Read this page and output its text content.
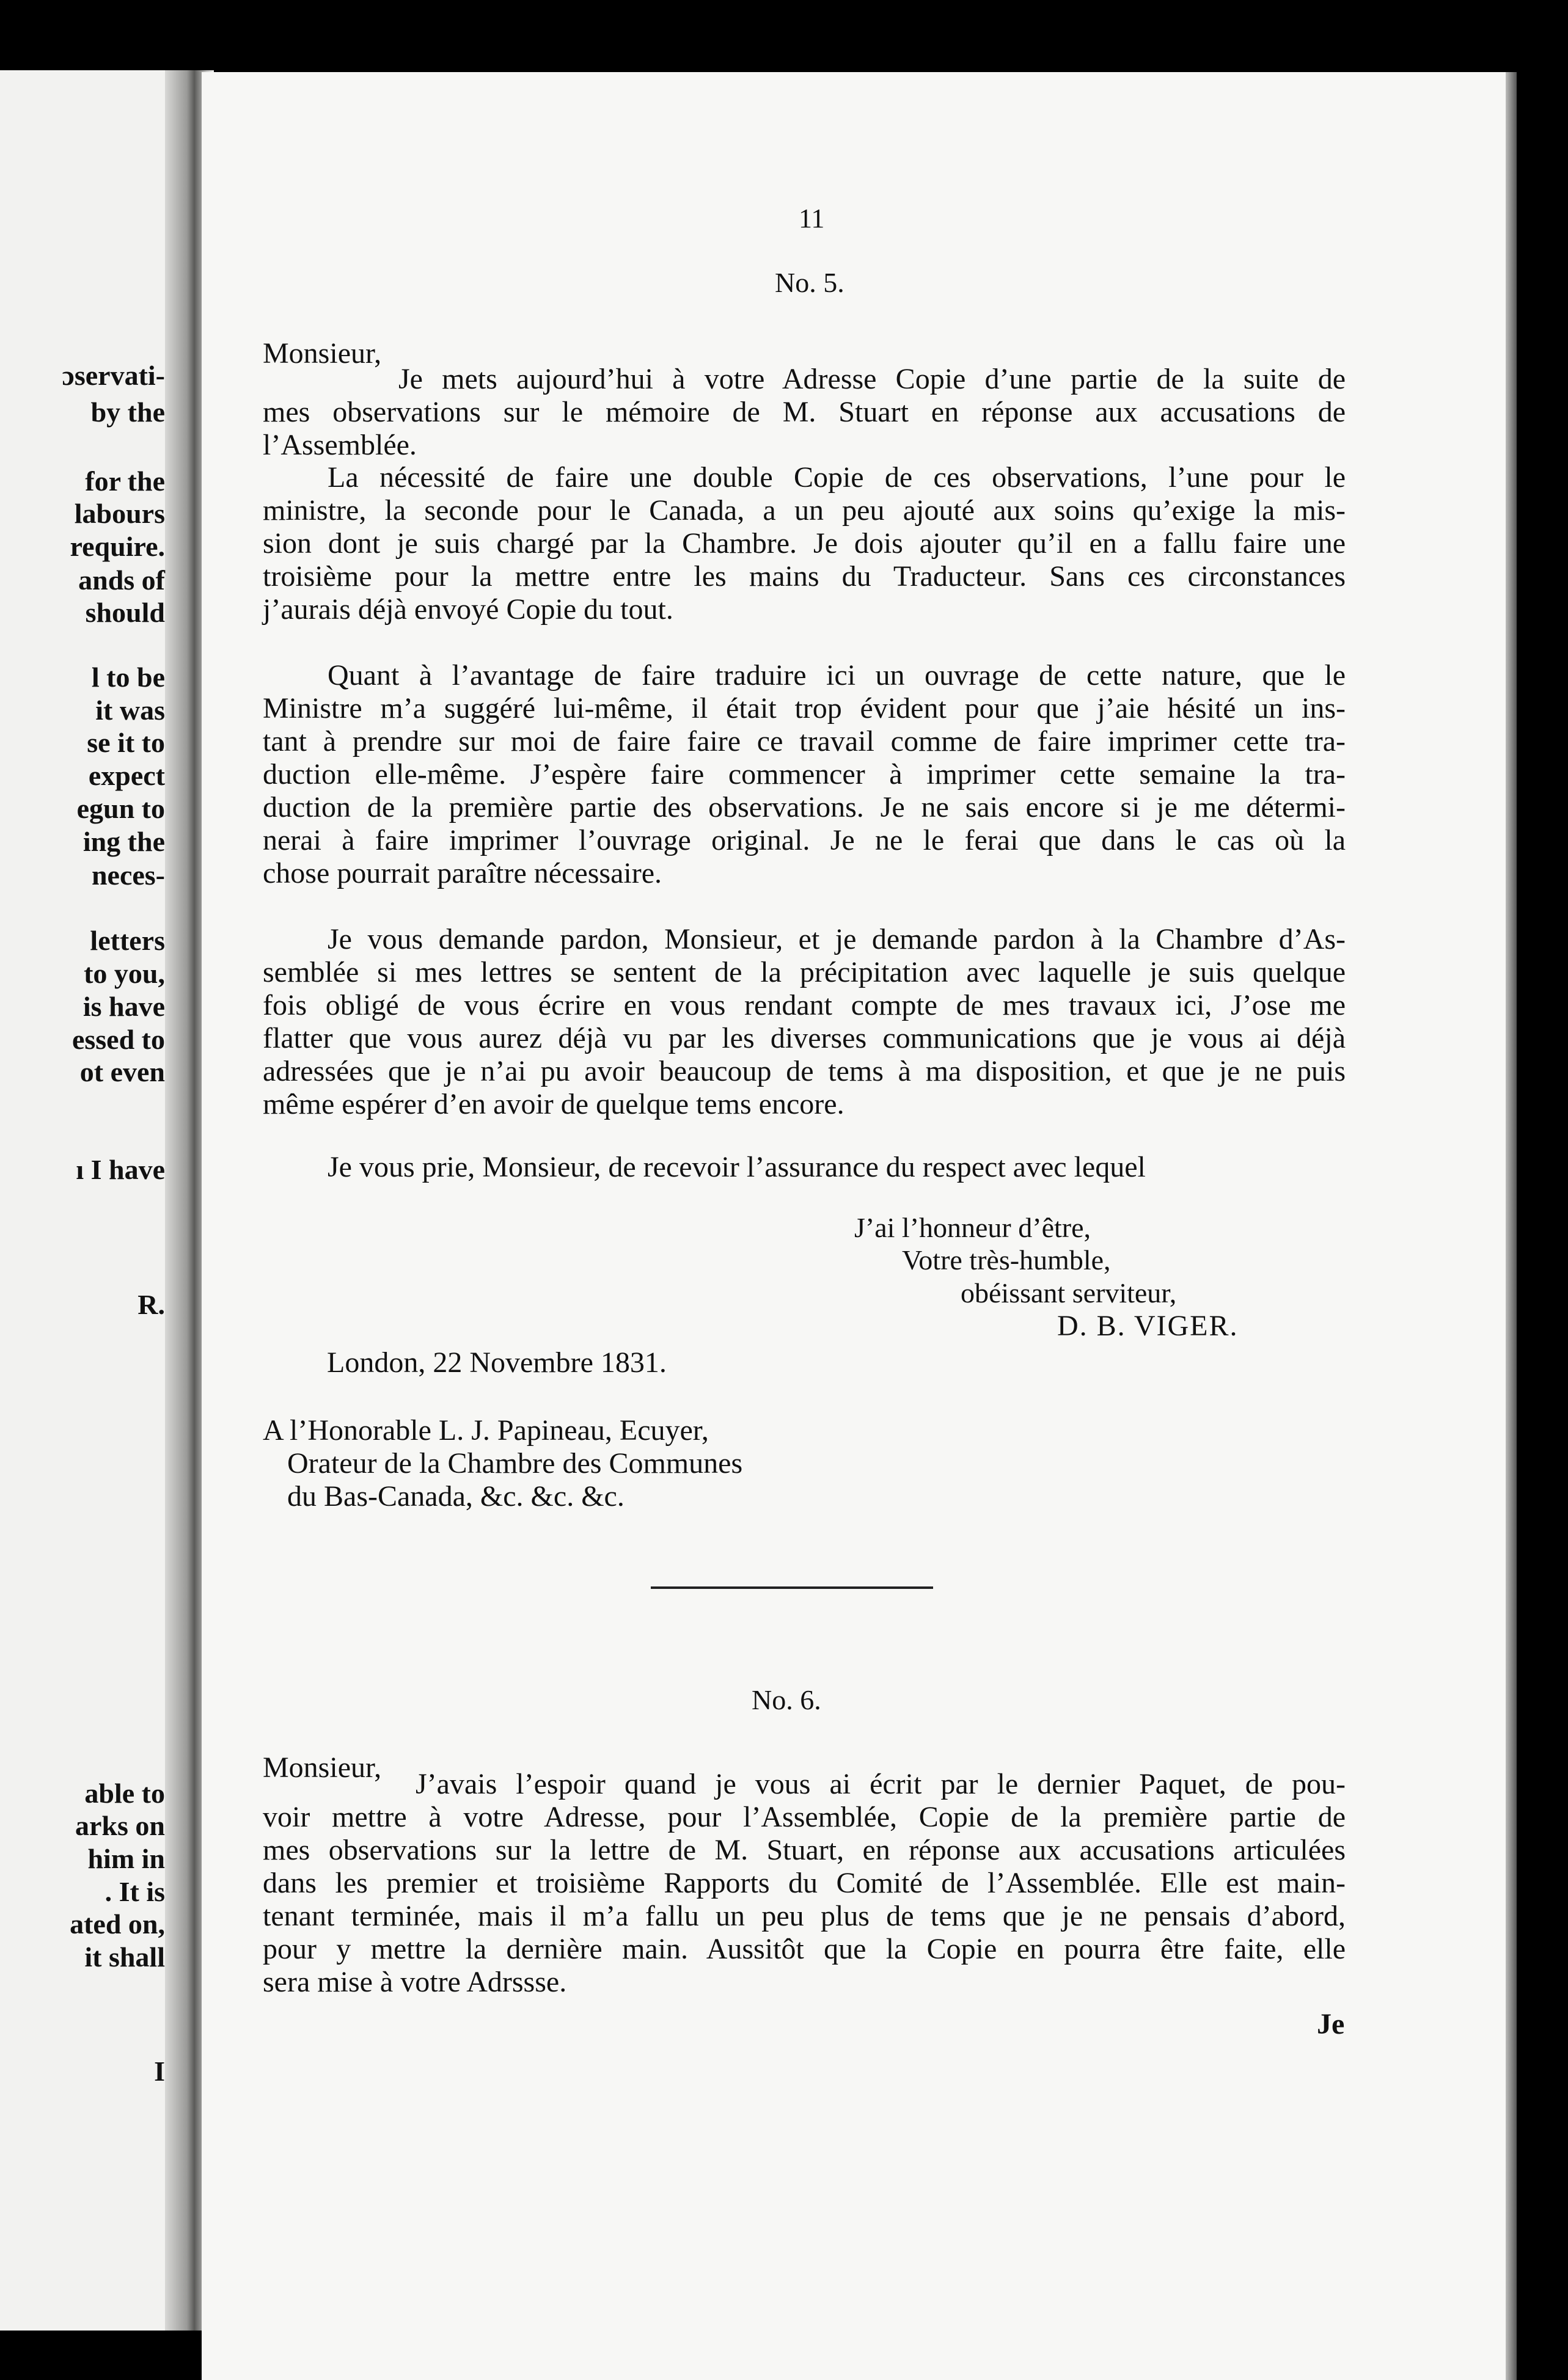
ɔservati-
by the
for the
labours
require.
ands of
should
l to be
it was
se it to
expect
egun to
ing the
neces-
letters
to you,
is have
essed to
ot even
ı I have
R.
able to
arks on
him in
. It is
ated on,
it shall
I
11
No. 5.
Monsieur,
Je mets aujourd’hui à votre Adresse Copie d’une partie de la suite de
mes observations sur le mémoire de M. Stuart en réponse aux accusations de
l’Assemblée.
La nécessité de faire une double Copie de ces observations, l’une pour le
ministre, la seconde pour le Canada, a un peu ajouté aux soins qu’exige la mis-
sion dont je suis chargé par la Chambre. Je dois ajouter qu’il en a fallu faire une
troisième pour la mettre entre les mains du Traducteur. Sans ces circonstances
j’aurais déjà envoyé Copie du tout.
Quant à l’avantage de faire traduire ici un ouvrage de cette nature, que le
Ministre m’a suggéré lui-même, il était trop évident pour que j’aie hésité un ins-
tant à prendre sur moi de faire faire ce travail comme de faire imprimer cette tra-
duction elle-même. J’espère faire commencer à imprimer cette semaine la tra-
duction de la première partie des observations. Je ne sais encore si je me détermi-
nerai à faire imprimer l’ouvrage original. Je ne le ferai que dans le cas où la
chose pourrait paraître nécessaire.
Je vous demande pardon, Monsieur, et je demande pardon à la Chambre d’As-
semblée si mes lettres se sentent de la précipitation avec laquelle je suis quelque
fois obligé de vous écrire en vous rendant compte de mes travaux ici, J’ose me
flatter que vous aurez déjà vu par les diverses communications que je vous ai déjà
adressées que je n’ai pu avoir beaucoup de tems à ma disposition, et que je ne puis
même espérer d’en avoir de quelque tems encore.
Je vous prie, Monsieur, de recevoir l’assurance du respect avec lequel
J’ai l’honneur d’être,
Votre très-humble,
obéissant serviteur,
D. B. VIGER.
London, 22 Novembre 1831.
A l’Honorable L. J. Papineau, Ecuyer,
Orateur de la Chambre des Communes
du Bas-Canada, &c. &c. &c.
No. 6.
Monsieur,
J’avais l’espoir quand je vous ai écrit par le dernier Paquet, de pou-
voir mettre à votre Adresse, pour l’Assemblée, Copie de la première partie de
mes observations sur la lettre de M. Stuart, en réponse aux accusations articulées
dans les premier et troisième Rapports du Comité de l’Assemblée. Elle est main-
tenant terminée, mais il m’a fallu un peu plus de tems que je ne pensais d’abord,
pour y mettre la dernière main. Aussitôt que la Copie en pourra être faite, elle
sera mise à votre Adrssse.
Je
